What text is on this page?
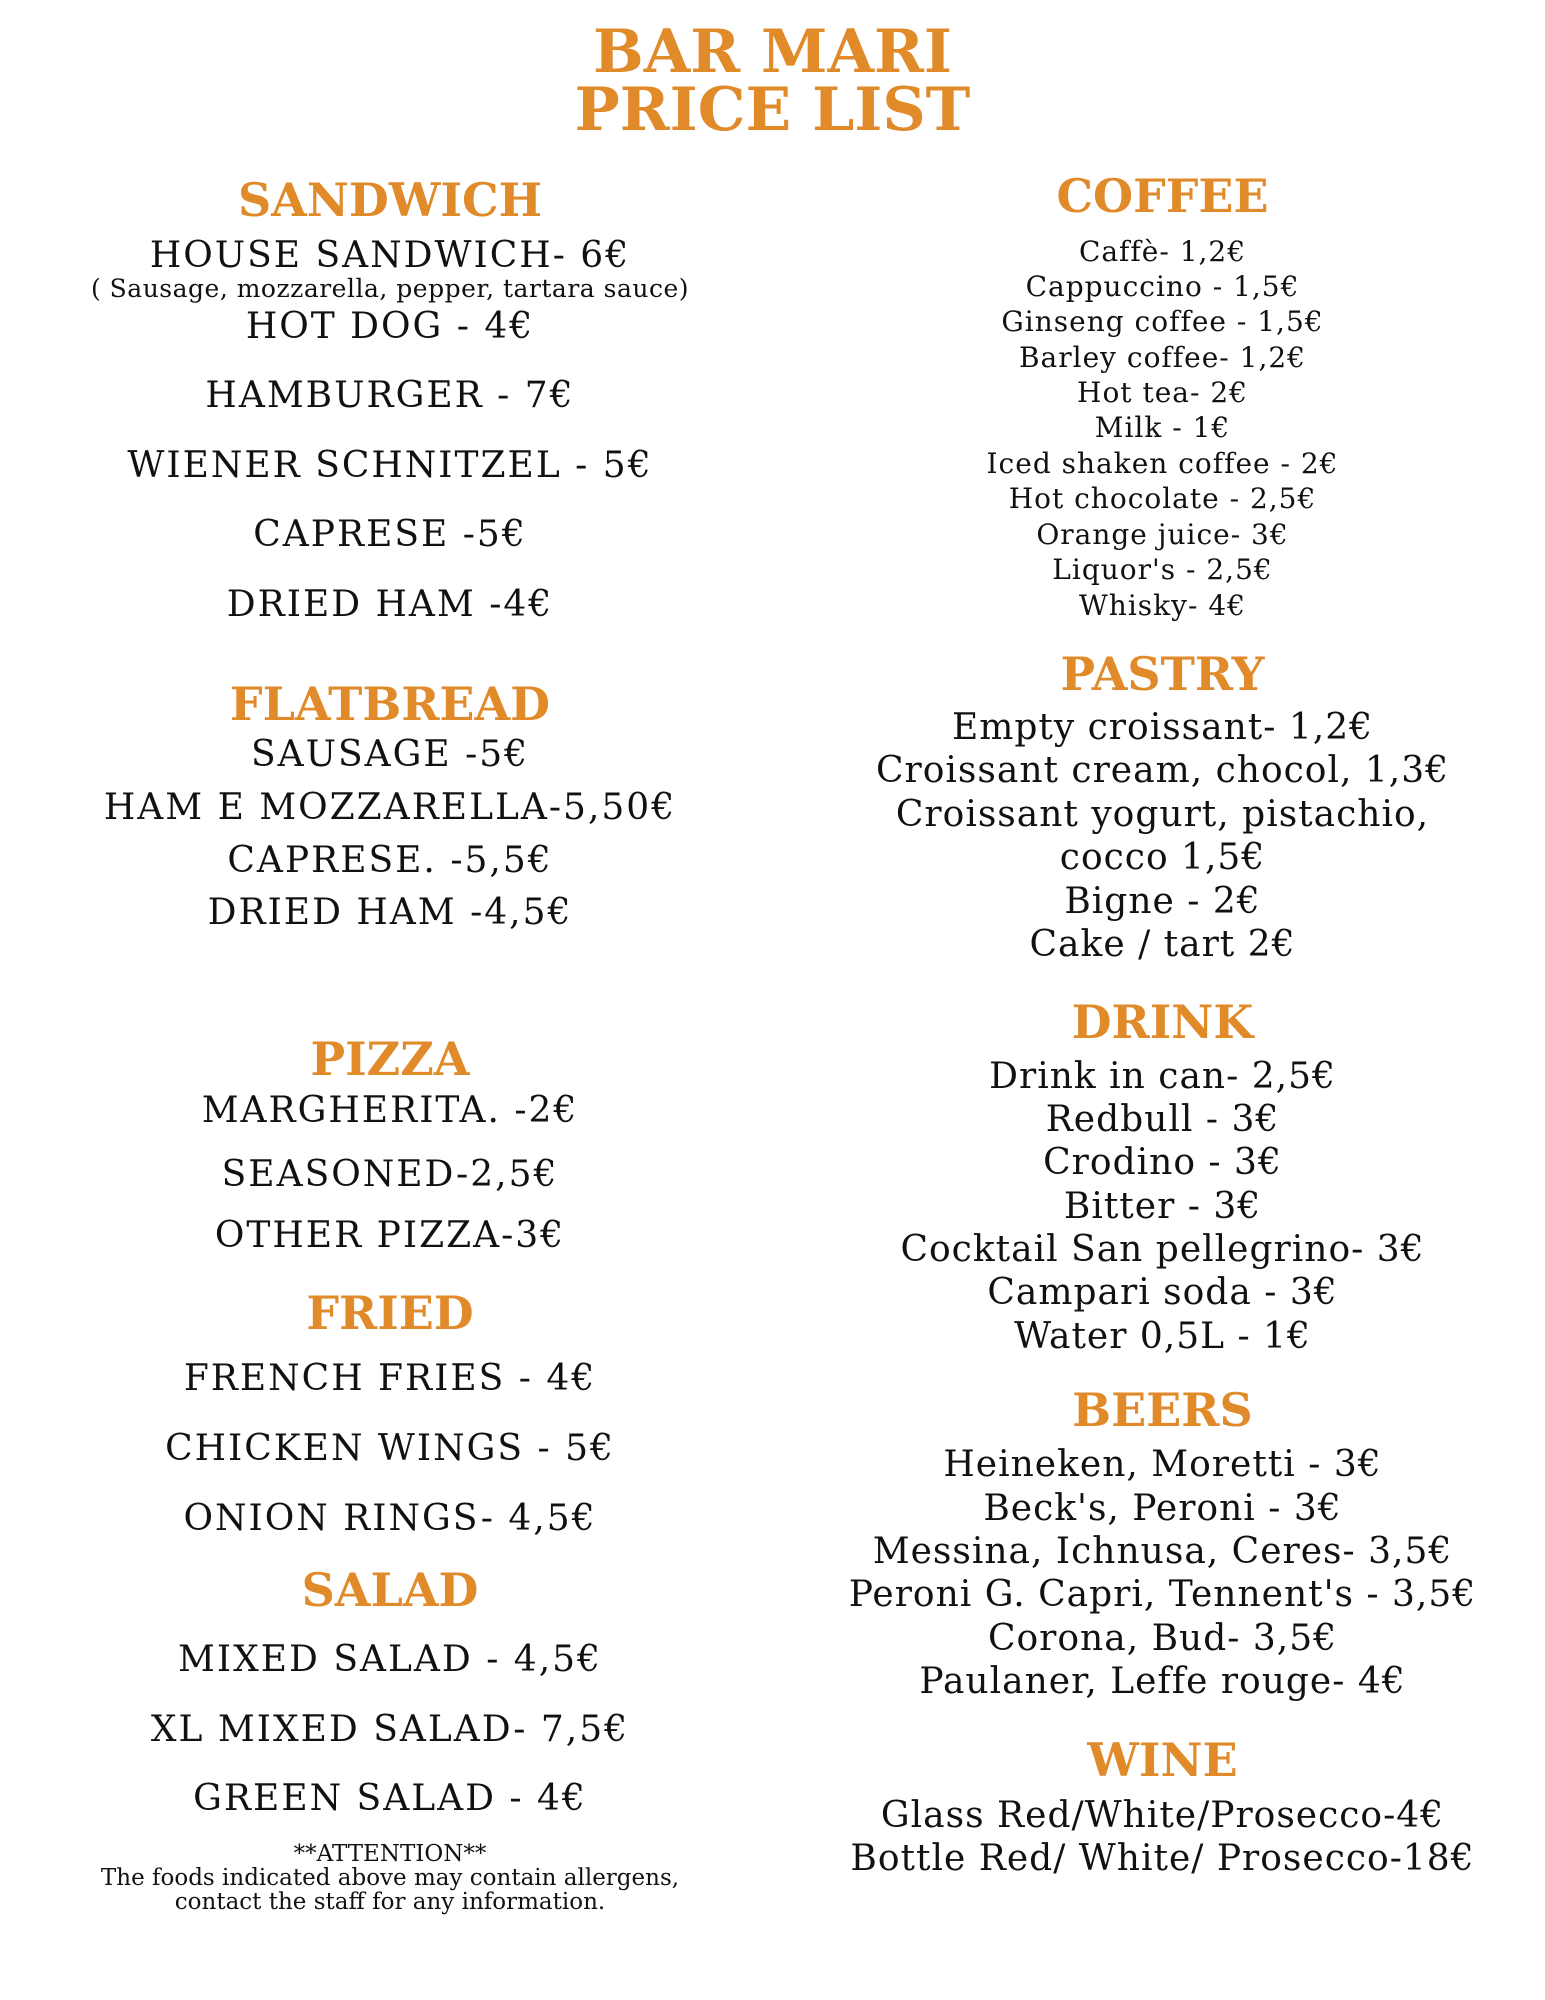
BAR MARI
PRICE LIST
SANDWICH
HOUSE SANDWICH- 6€
( Sausage, mozzarella, pepper, tartara sauce)
HOT DOG - 4€
HAMBURGER - 7€
WIENER SCHNITZEL - 5€
CAPRESE -5€
DRIED HAM -4€
FLATBREAD
SAUSAGE -5€
HAM E MOZZARELLA-5,50€
CAPRESE. -5,5€
DRIED HAM -4,5€
PIZZA
MARGHERITA. -2€
SEASONED-2,5€
OTHER PIZZA-3€
FRIED
FRENCH FRIES - 4€
CHICKEN WINGS - 5€
ONION RINGS- 4,5€
SALAD
MIXED SALAD - 4,5€
XL MIXED SALAD- 7,5€
GREEN SALAD - 4€
**ATTENTION**
The foods indicated above may contain allergens,
contact the staff for any information.
COFFEE
Caffè- 1,2€
Cappuccino - 1,5€
Ginseng coffee - 1,5€
Barley coffee- 1,2€
Hot tea- 2€
Milk - 1€
Iced shaken coffee - 2€
Hot chocolate - 2,5€
Orange juice- 3€
Liquor's - 2,5€
Whisky- 4€
PASTRY
Empty croissant- 1,2€
Croissant cream, chocol, 1,3€
Croissant yogurt, pistachio,
cocco 1,5€
Bigne - 2€
Cake / tart 2€
DRINK
Drink in can- 2,5€
Redbull - 3€
Crodino - 3€
Bitter - 3€
Cocktail San pellegrino- 3€
Campari soda - 3€
Water 0,5L - 1€
BEERS
Heineken, Moretti - 3€
Beck's, Peroni - 3€
Messina, Ichnusa, Ceres- 3,5€
Peroni G. Capri, Tennent's - 3,5€
Corona, Bud- 3,5€
Paulaner, Leffe rouge- 4€
WINE
Glass Red/White/Prosecco-4€
Bottle Red/ White/ Prosecco-18€
